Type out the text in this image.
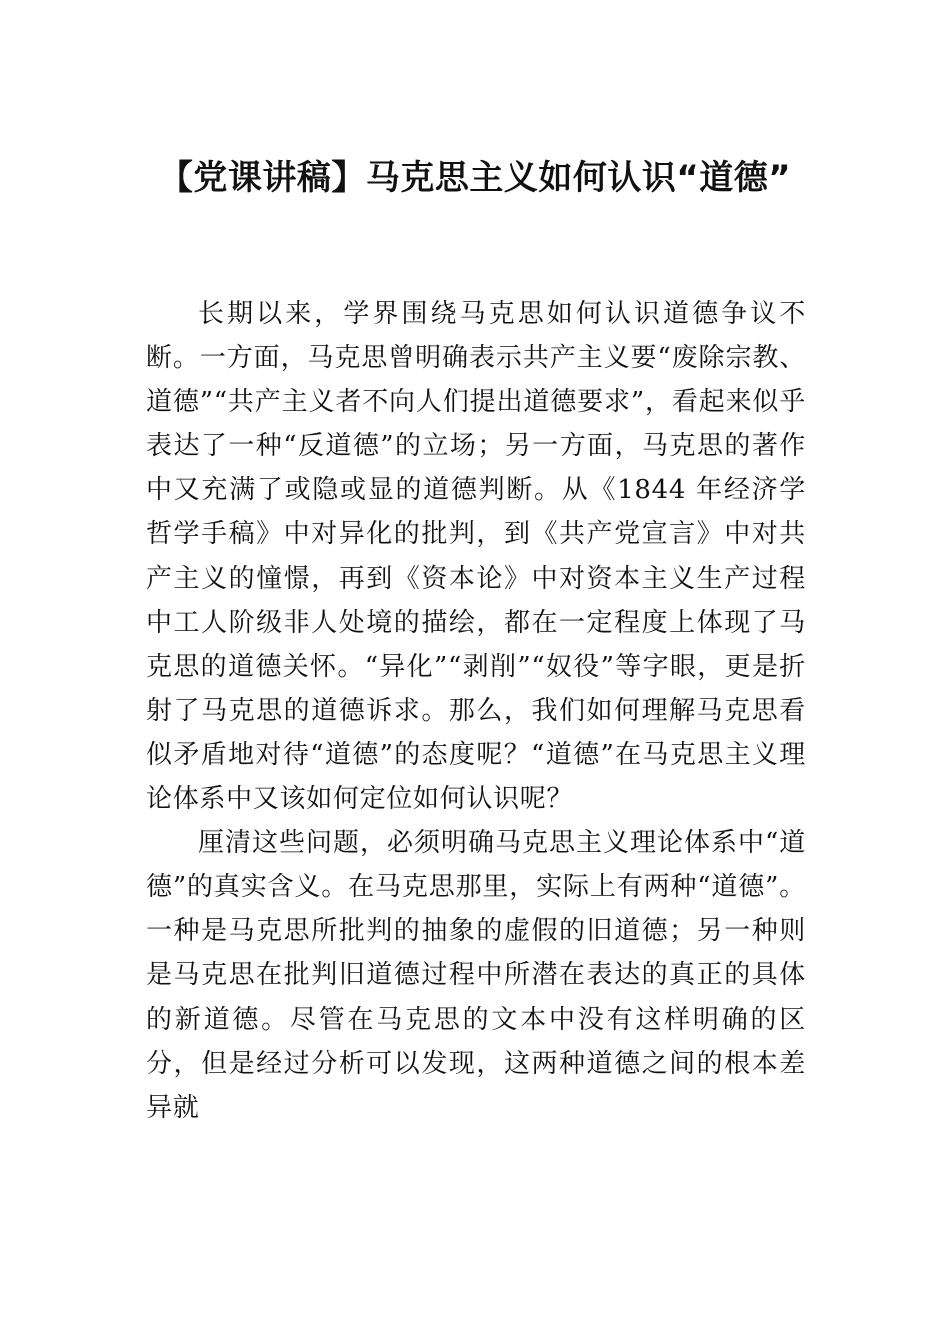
【党课讲稿】马克思主义如何认识“道德”

长期以来，学界围绕马克思如何认识道德争议不断。一方面，马克思曾明确表示共产主义要“废除宗教、道德”“共产主义者不向人们提出道德要求”，看起来似乎表达了一种“反道德”的立场；另一方面，马克思的著作中又充满了或隐或显的道德判断。从《1844 年经济学哲学手稿》中对异化的批判，到《共产党宣言》中对共产主义的憧憬，再到《资本论》中对资本主义生产过程中工人阶级非人处境的描绘，都在一定程度上体现了马克思的道德关怀。“异化”“剥削”“奴役”等字眼，更是折射了马克思的道德诉求。那么，我们如何理解马克思看似矛盾地对待“道德”的态度呢？“道德”在马克思主义理论体系中又该如何定位如何认识呢？

厘清这些问题，必须明确马克思主义理论体系中“道德”的真实含义。在马克思那里，实际上有两种“道德”。一种是马克思所批判的抽象的虚假的旧道德；另一种则是马克思在批判旧道德过程中所潜在表达的真正的具体的新道德。尽管在马克思的文本中没有这样明确的区分，但是经过分析可以发现，这两种道德之间的根本差异就
